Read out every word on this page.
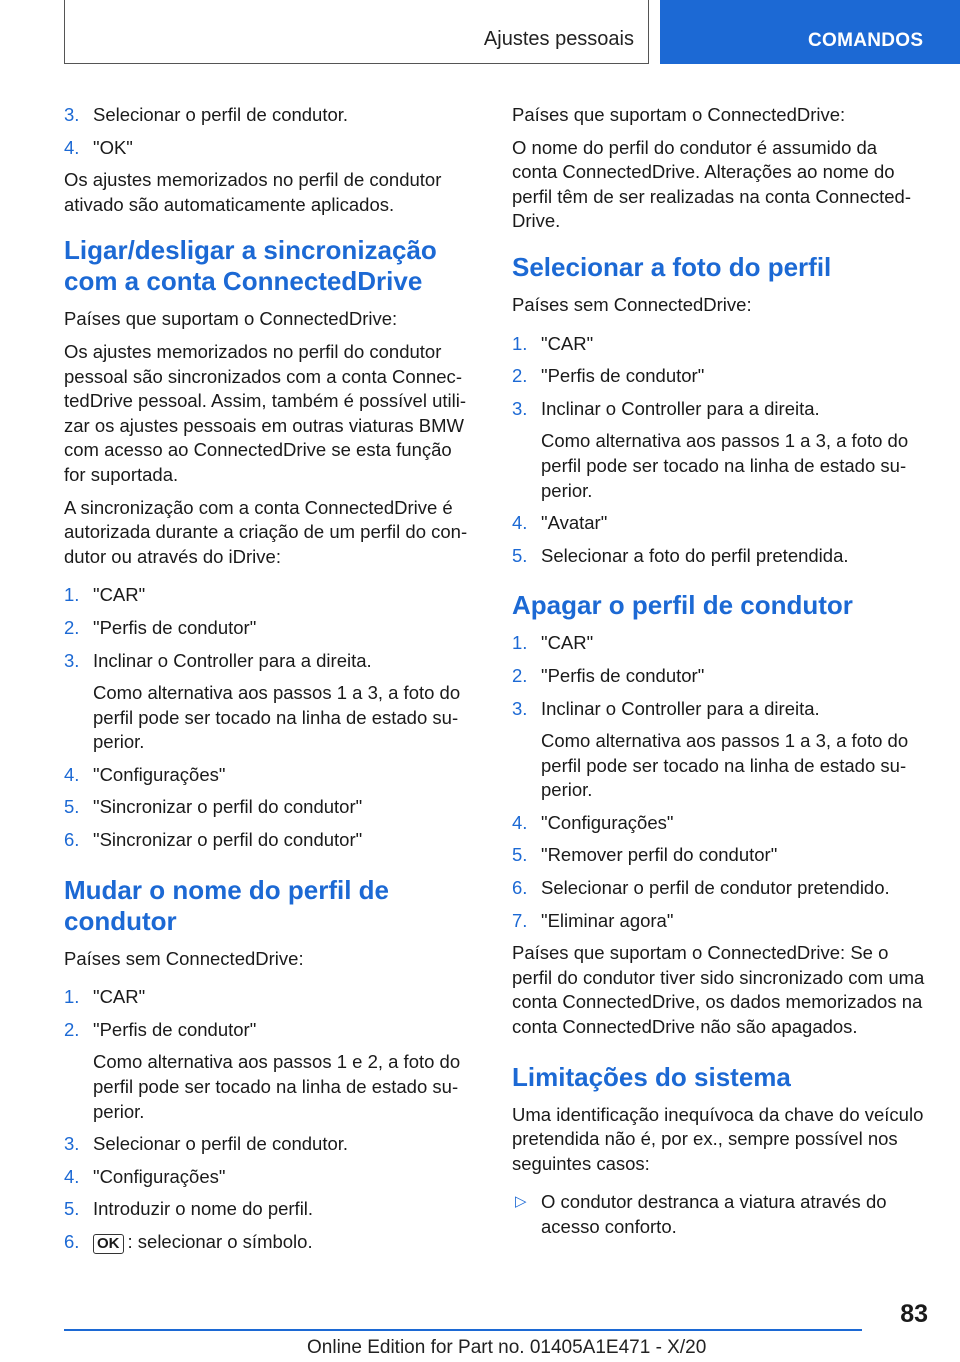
Ajustes pessoais	COMANDOS
3. Selecionar o perfil de condutor.
4. "OK"

Os ajustes memorizados no perfil de condutor ativado são automaticamente aplicados.

Ligar/desligar a sincronização com a conta ConnectedDrive

Países que suportam o ConnectedDrive:

Os ajustes memorizados no perfil do condutor pessoal são sincronizados com a conta ConnectedDrive pessoal. Assim, também é possível utilizar os ajustes pessoais em outras viaturas BMW com acesso ao ConnectedDrive se esta função for suportada.

A sincronização com a conta ConnectedDrive é autorizada durante a criação de um perfil do condutor ou através do iDrive:

1. "CAR"
2. "Perfis de condutor"
3. Inclinar o Controller para a direita.
Como alternativa aos passos 1 a 3, a foto do perfil pode ser tocado na linha de estado superior.
4. "Configurações"
5. "Sincronizar o perfil do condutor"
6. "Sincronizar o perfil do condutor"
Mudar o nome do perfil de condutor

Países sem ConnectedDrive:

1. "CAR"
2. "Perfis de condutor"
Como alternativa aos passos 1 e 2, a foto do perfil pode ser tocado na linha de estado superior.
3. Selecionar o perfil de condutor.
4. "Configurações"
5. Introduzir o nome do perfil.
6. OK : selecionar o símbolo.

Países que suportam o ConnectedDrive:

O nome do perfil do condutor é assumido da conta ConnectedDrive. Alterações ao nome do perfil têm de ser realizadas na conta ConnectedDrive.

Selecionar a foto do perfil

Países sem ConnectedDrive:

1. "CAR"
2. "Perfis de condutor"
3. Inclinar o Controller para a direita.
Como alternativa aos passos 1 a 3, a foto do perfil pode ser tocado na linha de estado superior.
4. "Avatar"
5. Selecionar a foto do perfil pretendida.
Apagar o perfil de condutor
1. "CAR"
2. "Perfis de condutor"
3. Inclinar o Controller para a direita.
Como alternativa aos passos 1 a 3, a foto do perfil pode ser tocado na linha de estado superior.
4. "Configurações"
5. "Remover perfil do condutor"
6. Selecionar o perfil de condutor pretendido.
7. "Eliminar agora"

Países que suportam o ConnectedDrive: Se o perfil do condutor tiver sido sincronizado com uma conta ConnectedDrive, os dados memorizados na conta ConnectedDrive não são apagados.

Limitações do sistema

Uma identificação inequívoca da chave do veículo pretendida não é, por ex., sempre possível nos seguintes casos:

▷ O condutor destranca a viatura através do acesso conforto.
83
Online Edition for Part no. 01405A1E471 - X/20
